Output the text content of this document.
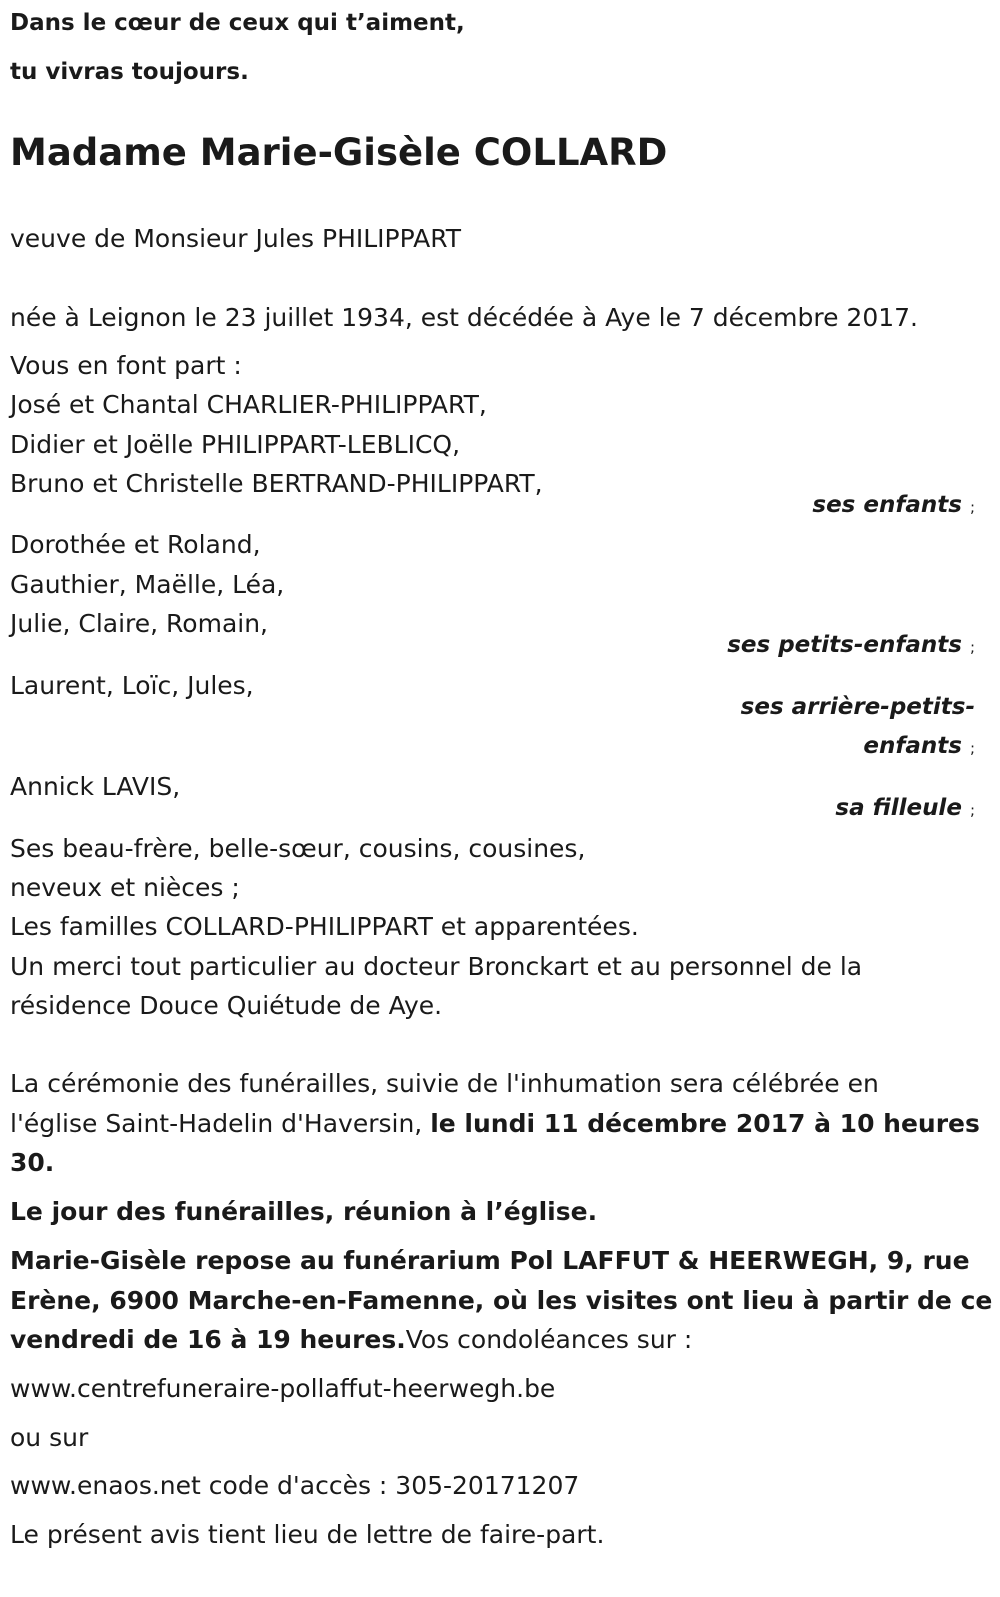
Dans le cœur de ceux qui t’aiment,

tu vivras toujours.

Madame Marie-Gisèle COLLARD

veuve de Monsieur Jules PHILIPPART

née à Leignon le 23 juillet 1934, est décédée à Aye le 7 décembre 2017.

Vous en font part :

José et Chantal CHARLIER-PHILIPPART,

Didier et Joëlle PHILIPPART-LEBLICQ,

Bruno et Christelle BERTRAND-PHILIPPART,

ses enfants ;

Dorothée et Roland,

Gauthier, Maëlle, Léa,

Julie, Claire, Romain,

ses petits-enfants ;

Laurent, Loïc, Jules,

ses arrière-petits-

enfants ;

Annick LAVIS,

sa filleule ;

Ses beau-frère, belle-sœur, cousins, cousines,

neveux et nièces ;

Les familles COLLARD-PHILIPPART et apparentées.

Un merci tout particulier au docteur Bronckart et au personnel de la

résidence Douce Quiétude de Aye.

La cérémonie des funérailles, suivie de l'inhumation sera célébrée en

l'église Saint-Hadelin d'Haversin, le lundi 11 décembre 2017 à 10 heures

30.

Le jour des funérailles, réunion à l’église.

Marie-Gisèle repose au funérarium Pol LAFFUT & HEERWEGH, 9, rue

Erène, 6900 Marche-en-Famenne, où les visites ont lieu à partir de ce

vendredi de 16 à 19 heures.Vos condoléances sur :

www.centrefuneraire-pollaffut-heerwegh.be

ou sur

www.enaos.net code d'accès : 305-20171207

Le présent avis tient lieu de lettre de faire-part.
